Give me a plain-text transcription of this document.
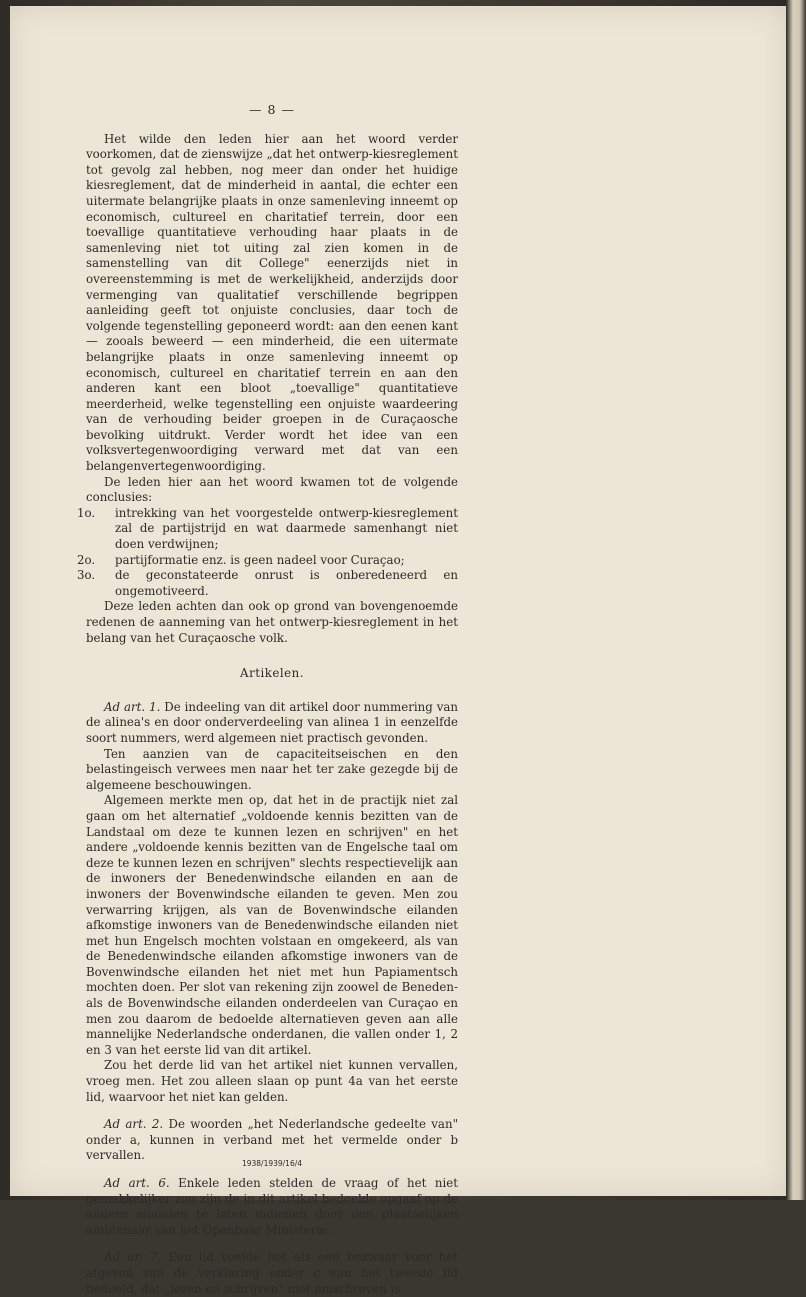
— 8 —

Het wilde den leden hier aan het woord verder voorkomen, dat de zienswijze „dat het ontwerp-kiesreglement tot gevolg zal hebben, nog meer dan onder het huidige kiesreglement, dat de minderheid in aantal, die echter een uitermate belangrijke plaats in onze samenleving inneemt op economisch, cultureel en charitatief terrein, door een toevallige quantitatieve verhouding haar plaats in de samenleving niet tot uiting zal zien komen in de samenstelling van dit College" eenerzijds niet in overeenstemming is met de werkelijkheid, anderzijds door vermenging van qualitatief verschillende begrippen aanleiding geeft tot onjuiste conclusies, daar toch de volgende tegenstelling geponeerd wordt: aan den eenen kant — zooals beweerd — een minderheid, die een uitermate belangrijke plaats in onze samenleving inneemt op economisch, cultureel en charitatief terrein en aan den anderen kant een bloot „toevallige" quantitatieve meerderheid, welke tegenstelling een onjuiste waardeering van de verhouding beider groepen in de Curaçaosche bevolking uitdrukt. Verder wordt het idee van een volksvertegenwoordiging verward met dat van een belangenvertegenwoordiging.

De leden hier aan het woord kwamen tot de volgende conclusies:

1o. intrekking van het voorgestelde ontwerp-kiesreglement zal de partijstrijd en wat daarmede samenhangt niet doen verdwijnen;
2o. partijformatie enz. is geen nadeel voor Curaçao;
3o. de geconstateerde onrust is onberedeneerd en ongemotiveerd.

Deze leden achten dan ook op grond van bovengenoemde redenen de aanneming van het ontwerp-kiesreglement in het belang van het Curaçaosche volk.

Artikelen.

Ad art. 1. De indeeling van dit artikel door nummering van de alinea's en door onderverdeeling van alinea 1 in eenzelfde soort nummers, werd algemeen niet practisch gevonden.

Ten aanzien van de capaciteitseischen en den belastingeisch verwees men naar het ter zake gezegde bij de algemeene beschouwingen.

Algemeen merkte men op, dat het in de practijk niet zal gaan om het alternatief „voldoende kennis bezitten van de Landstaal om deze te kunnen lezen en schrijven" en het andere „voldoende kennis bezitten van de Engelsche taal om deze te kunnen lezen en schrijven" slechts respectievelijk aan de inwoners der Benedenwindsche eilanden en aan de inwoners der Bovenwindsche eilanden te geven. Men zou verwarring krijgen, als van de Bovenwindsche eilanden afkomstige inwoners van de Benedenwindsche eilanden niet met hun Engelsch mochten volstaan en omgekeerd, als van de Benedenwindsche eilanden afkomstige inwoners van de Bovenwindsche eilanden het niet met hun Papiamentsch mochten doen. Per slot van rekening zijn zoowel de Beneden- als de Bovenwindsche eilanden onderdeelen van Curaçao en men zou daarom de bedoelde alternatieven geven aan alle mannelijke Nederlandsche onderdanen, die vallen onder 1, 2 en 3 van het eerste lid van dit artikel.

Zou het derde lid van het artikel niet kunnen vervallen, vroeg men. Het zou alleen slaan op punt 4a van het eerste lid, waarvoor het niet kan gelden.

Ad art. 2. De woorden „het Nederlandsche gedeelte van" onder a, kunnen in verband met het vermelde onder b vervallen.

Ad art. 6. Enkele leden stelden de vraag of het niet gemakkelijker zou zijn de in dit artikel bedoelde opgaaf op de andere eilanden te laten indienen door den plaatselijken ambtenaar van het Openbaar Ministerie.

Ad ar. 7. Een lid voelde het als een bezwaar voor het afgeven van de verklaring onder c van het tweede lid bedoeld, dat „lezen en schrijven" niet omschreven is.

1938/1939/16/4
